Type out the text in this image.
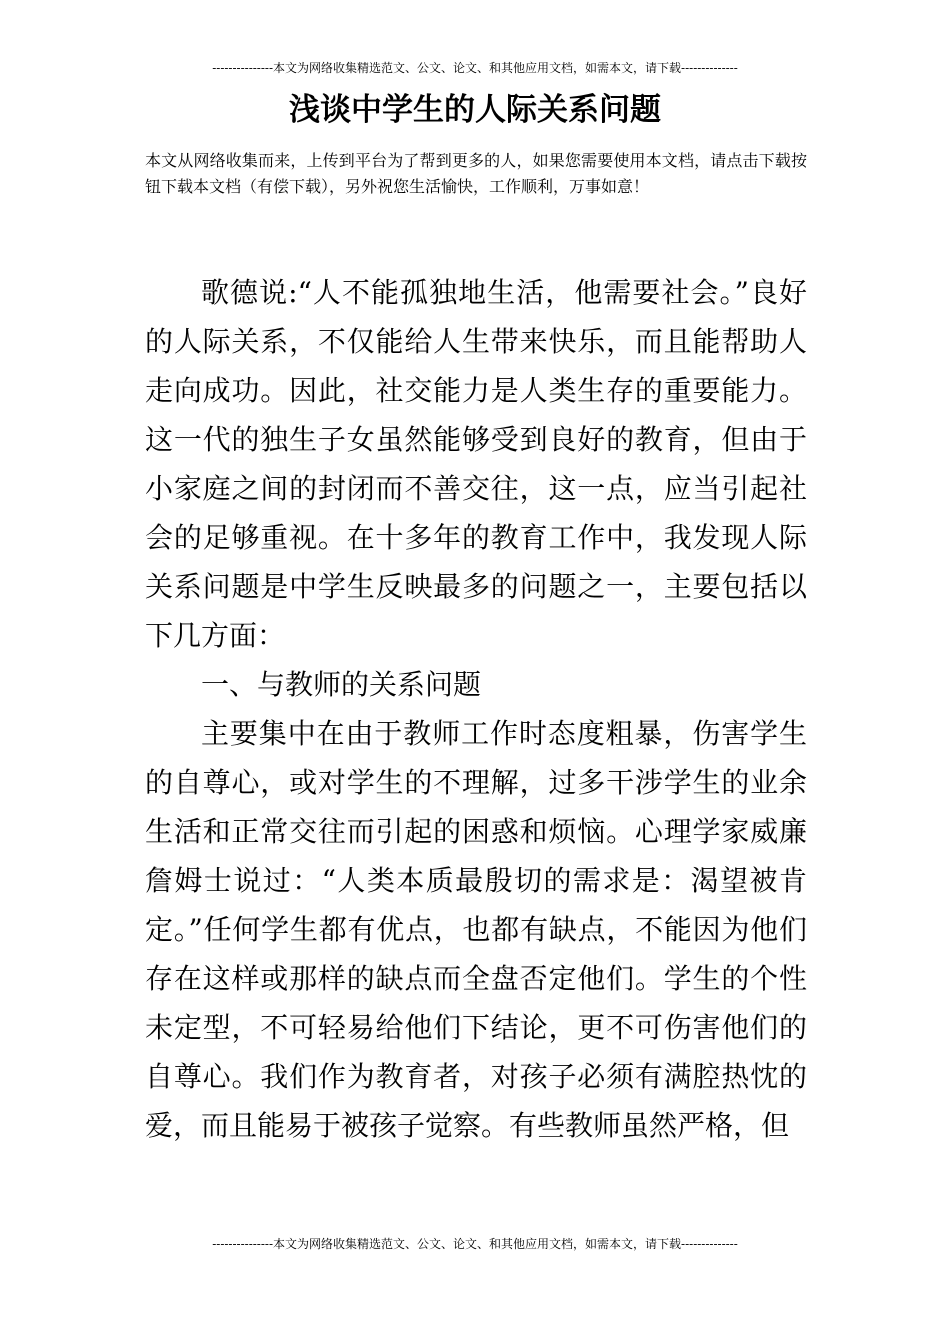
---------------本文为网络收集精选范文、公文、论文、和其他应用文档，如需本文，请下载--------------
浅谈中学生的人际关系问题

本文从网络收集而来，上传到平台为了帮到更多的人，如果您需要使用本文档，请点击下载按钮下载本文档（有偿下载），另外祝您生活愉快，工作顺利，万事如意！

歌德说:“人不能孤独地生活，他需要社会。”良好的人际关系，不仅能给人生带来快乐，而且能帮助人走向成功。因此，社交能力是人类生存的重要能力。这一代的独生子女虽然能够受到良好的教育，但由于小家庭之间的封闭而不善交往，这一点，应当引起社会的足够重视。在十多年的教育工作中，我发现人际关系问题是中学生反映最多的问题之一，主要包括以下几方面：

一、与教师的关系问题

主要集中在由于教师工作时态度粗暴，伤害学生的自尊心，或对学生的不理解，过多干涉学生的业余生活和正常交往而引起的困惑和烦恼。心理学家威廉詹姆士说过：“人类本质最殷切的需求是：渴望被肯定。”任何学生都有优点，也都有缺点，不能因为他们存在这样或那样的缺点而全盘否定他们。学生的个性未定型，不可轻易给他们下结论，更不可伤害他们的自尊心。我们作为教育者，对孩子必须有满腔热忱的爱，而且能易于被孩子觉察。有些教师虽然严格，但

---------------本文为网络收集精选范文、公文、论文、和其他应用文档，如需本文，请下载--------------
